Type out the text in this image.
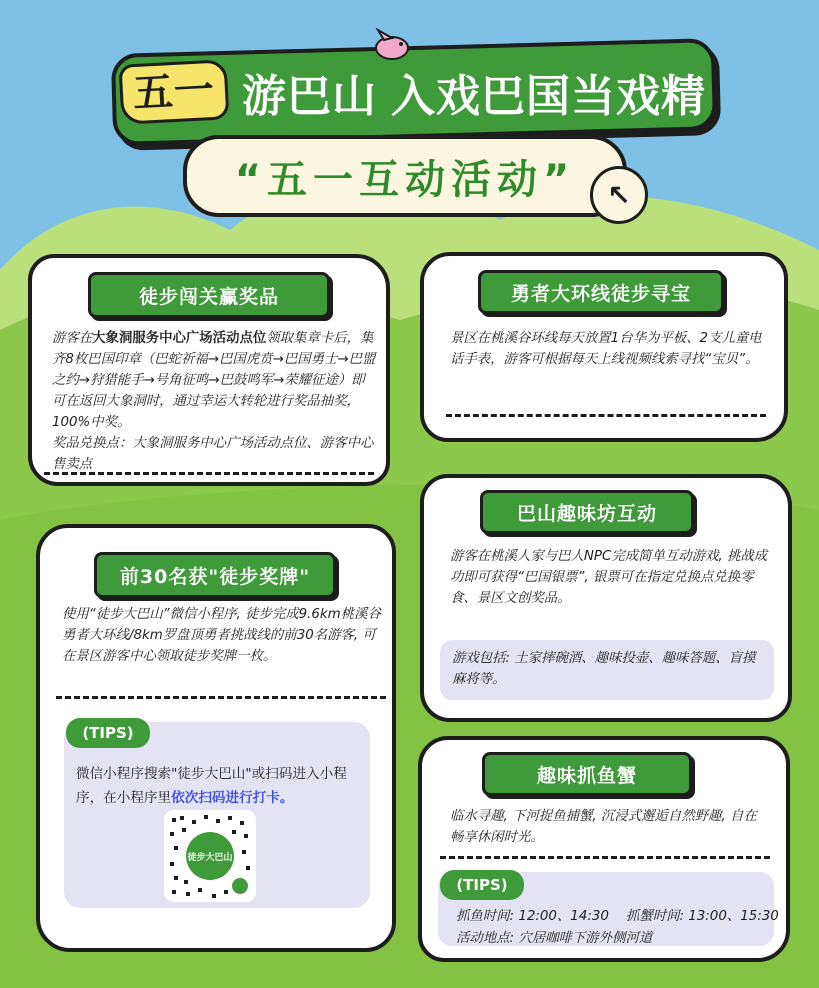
五一 游巴山 入戏巴国当戏精
“五一互动活动”	↖
徒步闯关赢奖品
游客在大象洞服务中心广场活动点位领取集章卡后，集齐8枚巴国印章（巴蛇祈福→巴国虎贲→巴国勇士→巴盟之约→狩猎能手→号角征鸣→巴鼓鸣军→荣耀征途）即可在返回大象洞时，通过幸运大转轮进行奖品抽奖，100%中奖。
奖品兑换点：大象洞服务中心广场活动点位、游客中心售卖点
勇者大环线徒步寻宝
景区在桃溪谷环线每天放置1台华为平板、2支儿童电话手表，游客可根据每天上线视频线索寻找“宝贝”。
前30名获"徒步奖牌"
使用“徒步大巴山”微信小程序, 徒步完成9.6km桃溪谷勇者大环线/8km罗盘顶勇者挑战线的前30名游客, 可在景区游客中心领取徒步奖牌一枚。
(TIPS)
微信小程序搜索"徒步大巴山"或扫码进入小程序，在小程序里依次扫码进行打卡。
徒步大巴山
巴山趣味坊互动
游客在桃溪人家与巴人NPC完成简单互动游戏, 挑战成功即可获得“巴国银票”, 银票可在指定兑换点兑换零食、景区文创奖品。
游戏包括: 土家摔碗酒、趣味投壶、趣味答题、盲摸麻将等。
趣味抓鱼蟹
临水寻趣, 下河捉鱼捕蟹, 沉浸式邂逅自然野趣, 自在畅享休闲时光。
(TIPS)
抓鱼时间: 12:00、14:30    抓蟹时间: 13:00、15:30
活动地点: 穴居咖啡下游外侧河道
